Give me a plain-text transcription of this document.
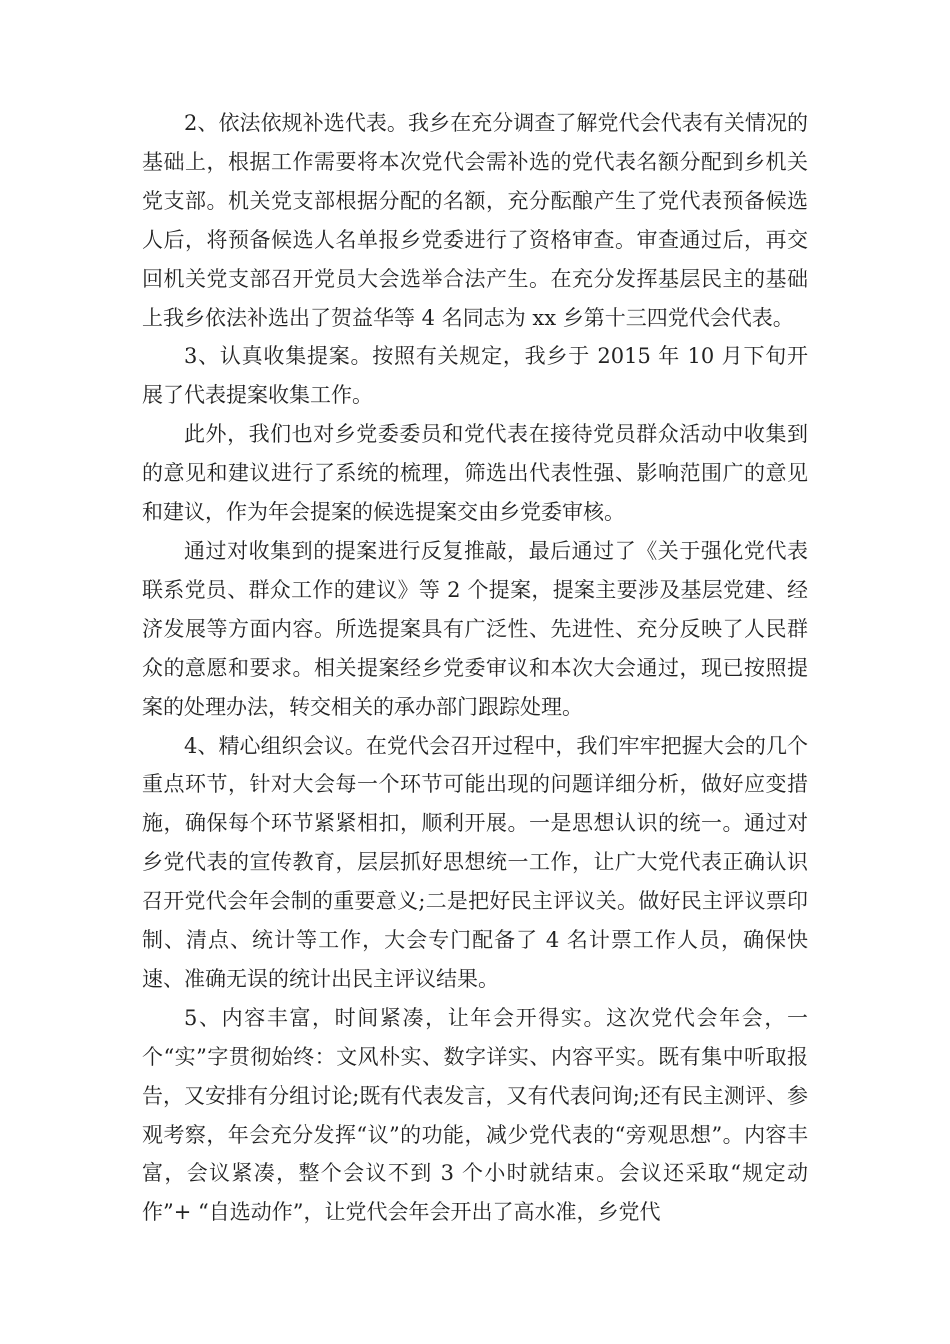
2、依法依规补选代表。我乡在充分调查了解党代会代表有关情况的基础上，根据工作需要将本次党代会需补选的党代表名额分配到乡机关党支部。机关党支部根据分配的名额，充分酝酿产生了党代表预备候选人后，将预备候选人名单报乡党委进行了资格审查。审查通过后，再交回机关党支部召开党员大会选举合法产生。在充分发挥基层民主的基础上我乡依法补选出了贺益华等 4 名同志为 xx 乡第十三四党代会代表。

3、认真收集提案。按照有关规定，我乡于 2015 年 10 月下旬开展了代表提案收集工作。

此外，我们也对乡党委委员和党代表在接待党员群众活动中收集到的意见和建议进行了系统的梳理，筛选出代表性强、影响范围广的意见和建议，作为年会提案的候选提案交由乡党委审核。

通过对收集到的提案进行反复推敲，最后通过了《关于强化党代表联系党员、群众工作的建议》等 2 个提案，提案主要涉及基层党建、经济发展等方面内容。所选提案具有广泛性、先进性、充分反映了人民群众的意愿和要求。相关提案经乡党委审议和本次大会通过，现已按照提案的处理办法，转交相关的承办部门跟踪处理。

4、精心组织会议。在党代会召开过程中，我们牢牢把握大会的几个重点环节，针对大会每一个环节可能出现的问题详细分析，做好应变措施，确保每个环节紧紧相扣，顺利开展。一是思想认识的统一。通过对乡党代表的宣传教育，层层抓好思想统一工作，让广大党代表正确认识召开党代会年会制的重要意义;二是把好民主评议关。做好民主评议票印制、清点、统计等工作，大会专门配备了 4 名计票工作人员，确保快速、准确无误的统计出民主评议结果。

5、内容丰富，时间紧凑，让年会开得实。这次党代会年会，一个“实”字贯彻始终：文风朴实、数字详实、内容平实。既有集中听取报告，又安排有分组讨论;既有代表发言，又有代表问询;还有民主测评、参观考察，年会充分发挥“议”的功能，减少党代表的“旁观思想”。内容丰富，会议紧凑，整个会议不到 3 个小时就结束。会议还采取“规定动作”+ “自选动作”，让党代会年会开出了高水准，乡党代
